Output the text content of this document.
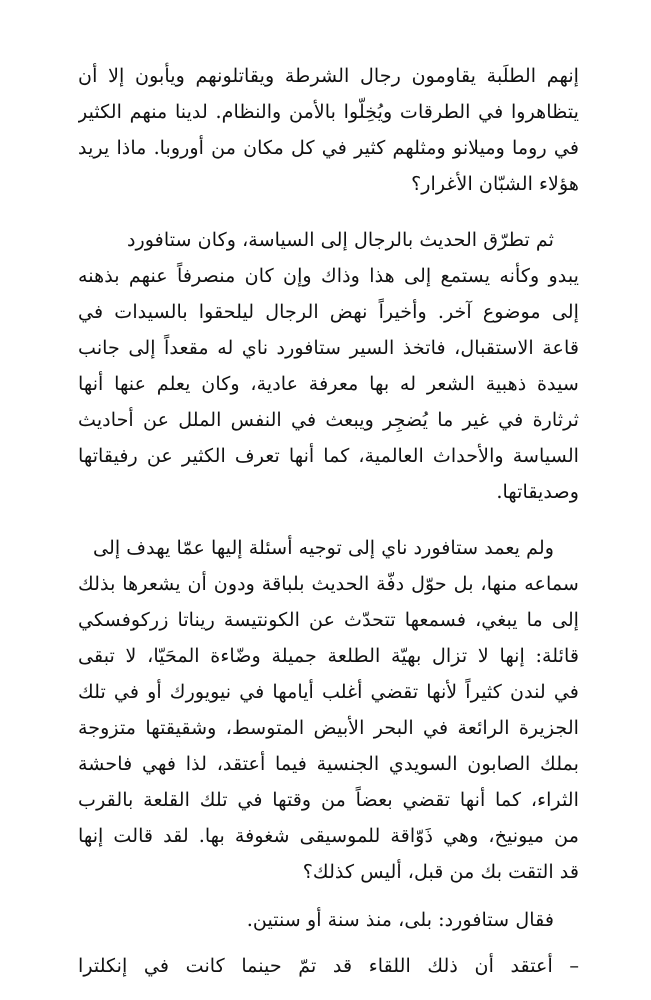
إنهم الطلَبة يقاومون رجال الشرطة ويقاتلونهم ويأبون إلا أن
يتظاهروا في الطرقات ويُخِلّوا بالأمن والنظام. لدينا منهم الكثير
في روما وميلانو ومثلهم كثير في كل مكان من أوروبا. ماذا يريد
هؤلاء الشبّان الأغرار؟
ثم تطرّق الحديث بالرجال إلى السياسة، وكان ستافورد
يبدو وكأنه يستمع إلى هذا وذاك وإن كان منصرفاً عنهم بذهنه
إلى موضوع آخر. وأخيراً نهض الرجال ليلحقوا بالسيدات في
قاعة الاستقبال، فاتخذ السير ستافورد ناي له مقعداً إلى جانب
سيدة ذهبية الشعر له بها معرفة عادية، وكان يعلم عنها أنها
ثرثارة في غير ما يُضجِر ويبعث في النفس الملل عن أحاديث
السياسة والأحداث العالمية، كما أنها تعرف الكثير عن رفيقاتها
وصديقاتها.
ولم يعمد ستافورد ناي إلى توجيه أسئلة إليها عمّا يهدف إلى
سماعه منها، بل حوّل دفّة الحديث بلباقة ودون أن يشعرها بذلك
إلى ما يبغي، فسمعها تتحدّث عن الكونتيسة ريناتا زركوفسكي
قائلة: إنها لا تزال بهيّة الطلعة جميلة وضّاءة المحَيّا، لا تبقى
في لندن كثيراً لأنها تقضي أغلب أيامها في نيويورك أو في تلك
الجزيرة الرائعة في البحر الأبيض المتوسط، وشقيقتها متزوجة
بملك الصابون السويدي الجنسية فيما أعتقد، لذا فهي فاحشة
الثراء، كما أنها تقضي بعضاً من وقتها في تلك القلعة بالقرب
من ميونيخ، وهي ذَوّاقة للموسيقى شغوفة بها. لقد قالت إنها
قد التقت بك من قبل، أليس كذلك؟
فقال ستافورد: بلى، منذ سنة أو سنتين.
– أعتقد أن ذلك اللقاء قد تمّ حينما كانت في إنكلترا
